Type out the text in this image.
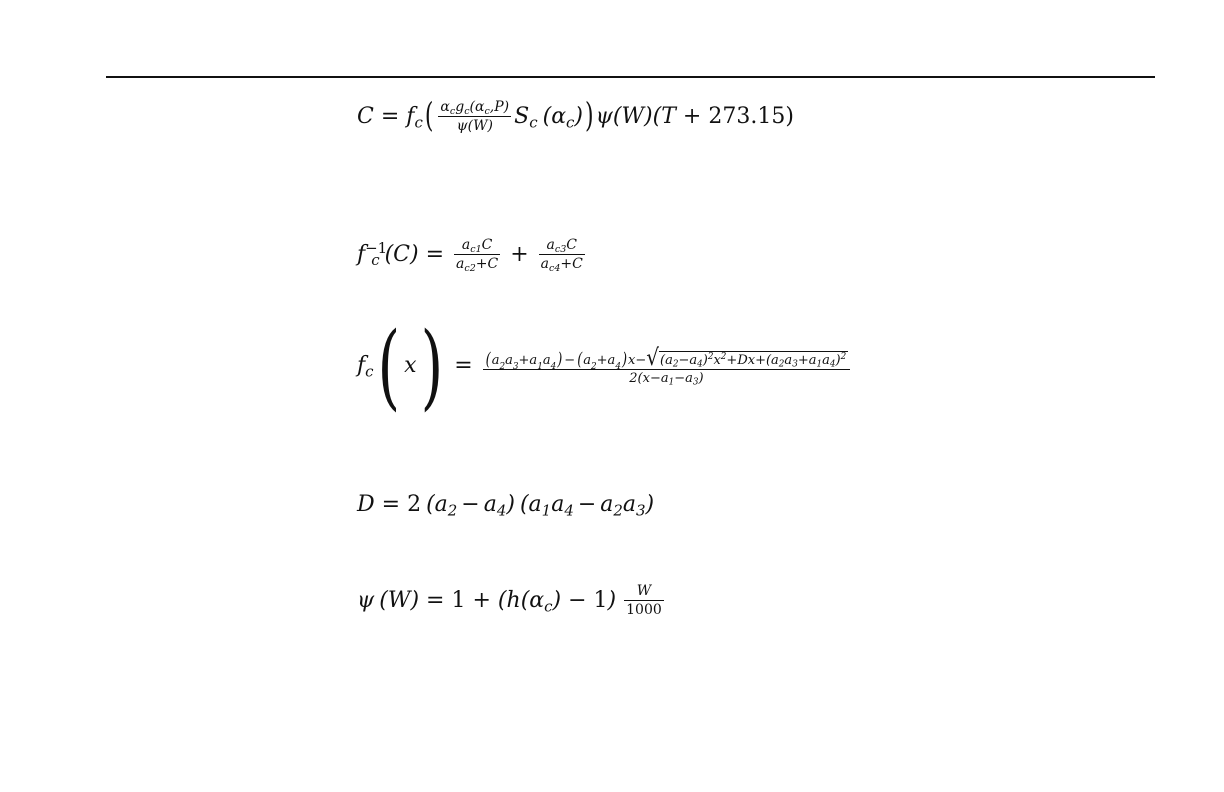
$C = f_c$ ( $\frac{\alpha_cg_c(\alpha_c,P)}{\psi(W)} S_c$ $(\alpha_c)$ ) ψ(W)( T + 273.15 )
$f^{-1}_c$ $(C) = \frac{a_{c1}C}{a_{c2}+C} + \frac{a_{c3}C}{a_{c4}+C}$
$f_c$ ( x ) = ( a 2 a 3 +a 1 a 4 ) − ( a 2 +a 4 ) x − √ $(a_2-a_4)^2x^2+Dx+(a_2a_3+a_1a_4)^2$
$2(x-a_1-a_3)$
D = 2 $(a_2 - a_4) (a_1a_4 - a_2a_3)$
ψ $(W) = 1 + (h(\alpha_c) - 1) \frac{W}{1000}$
